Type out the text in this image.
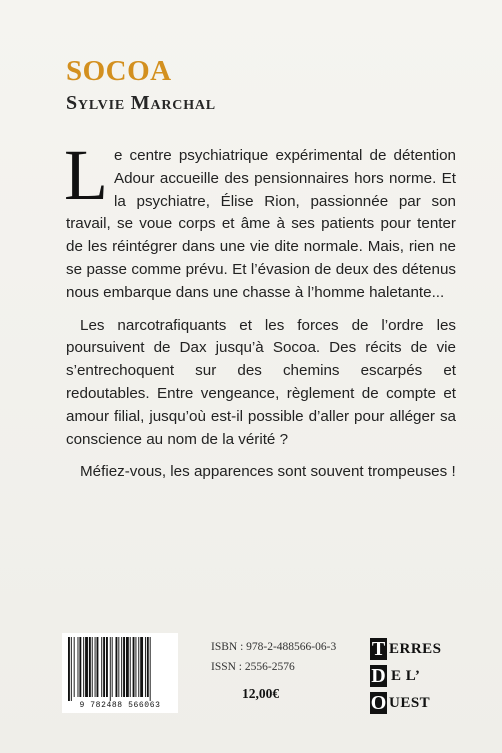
SOCOA
Sylvie Marchal

Le centre psychiatrique expérimental de détention Adour accueille des pensionnaires hors norme. Et la psychiatre, Élise Rion, passionnée par son travail, se voue corps et âme à ses patients pour tenter de les réintégrer dans une vie dite normale. Mais, rien ne se passe comme prévu. Et l’évasion de deux des détenus nous embarque dans une chasse à l’homme haletante...

Les narcotrafiquants et les forces de l’ordre les poursuivent de Dax jusqu’à Socoa. Des récits de vie s’entrechoquent sur des chemins escarpés et redoutables. Entre vengeance, règlement de compte et amour filial, jusqu’où est-il possible d’aller pour alléger sa conscience au nom de la vérité ?

Méfiez-vous, les apparences sont souvent trompeuses !

9 782488 566063

ISBN : 978-2-488566-06-3

ISSN : 2556-2576

12,00€

T ERRES
D E L’
O UEST
